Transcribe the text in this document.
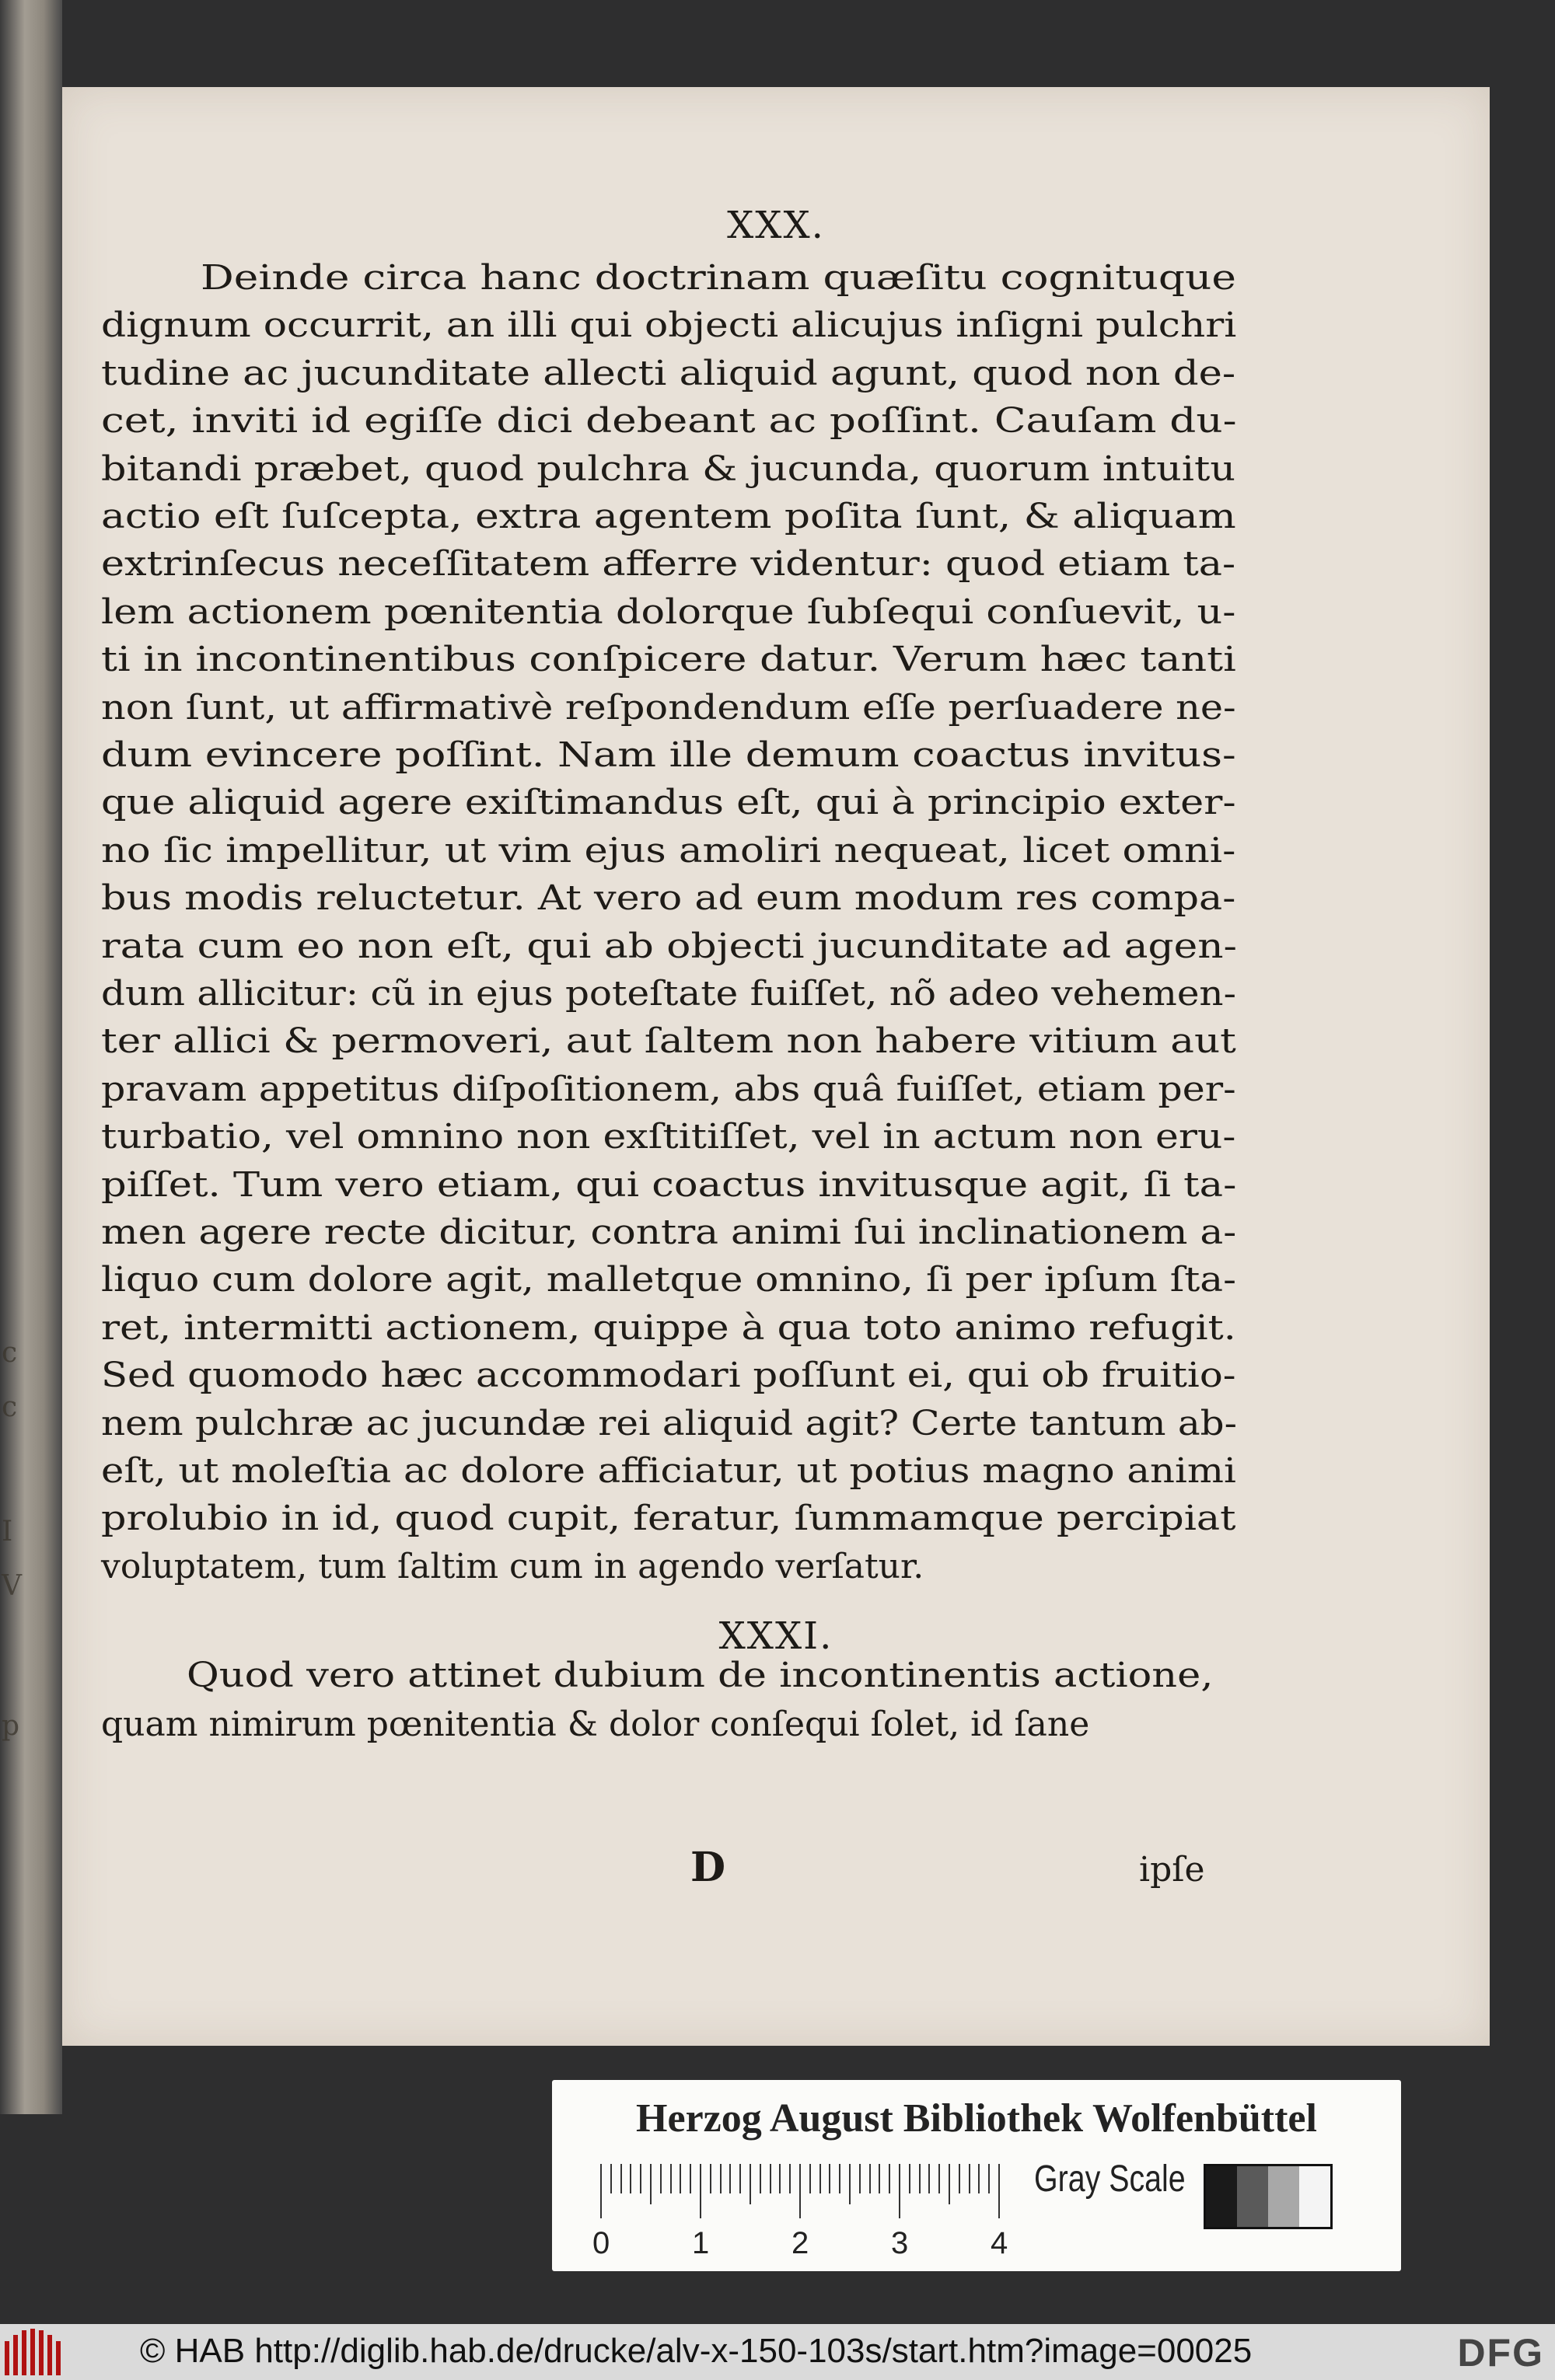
c
c
I
V
p
XXX.
Deinde circa hanc doctrinam quæſitu cognituque
dignum occurrit, an illi qui objecti alicujus inſigni pulchri
tudine ac jucunditate allecti aliquid agunt, quod non de-
cet, inviti id egiſſe dici debeant ac poſſint. Cauſam du-
bitandi præbet, quod pulchra & jucunda, quorum intuitu
actio eſt ſuſcepta, extra agentem poſita ſunt, & aliquam
extrinſecus neceſſitatem afferre videntur: quod etiam ta-
lem actionem pœnitentia dolorque ſubſequi conſuevit, u-
ti in incontinentibus conſpicere datur. Verum hæc tanti
non ſunt, ut affirmativè reſpondendum eſſe perſuadere ne-
dum evincere poſſint. Nam ille demum coactus invitus-
que aliquid agere exiſtimandus eſt, qui à principio exter-
no ſic impellitur, ut vim ejus amoliri nequeat, licet omni-
bus modis reluctetur. At vero ad eum modum res compa-
rata cum eo non eſt, qui ab objecti jucunditate ad agen-
dum allicitur: cũ in ejus poteſtate fuiſſet, nõ adeo vehemen-
ter allici & permoveri, aut ſaltem non habere vitium aut
pravam appetitus diſpoſitionem, abs quâ fuiſſet, etiam per-
turbatio, vel omnino non exſtitiſſet, vel in actum non eru-
piſſet. Tum vero etiam, qui coactus invitusque agit, ſi ta-
men agere recte dicitur, contra animi ſui inclinationem a-
liquo cum dolore agit, malletque omnino, ſi per ipſum ſta-
ret, intermitti actionem, quippe à qua toto animo refugit.
Sed quomodo hæc accommodari poſſunt ei, qui ob fruitio-
nem pulchræ ac jucundæ rei aliquid agit? Certe tantum ab-
eſt, ut moleſtia ac dolore afficiatur, ut potius magno animi
prolubio in id, quod cupit, feratur, ſummamque percipiat
voluptatem, tum ſaltim cum in agendo verſatur.
XXXI.
Quod vero attinet dubium de incontinentis actione,
quam nimirum pœnitentia & dolor conſequi ſolet, id ſane
D	ipſe
Herzog August Bibliothek Wolfenbüttel
0	1	2	3	4
Gray Scale
© HAB http://diglib.hab.de/drucke/alv-x-150-103s/start.htm?image=00025	DFG
